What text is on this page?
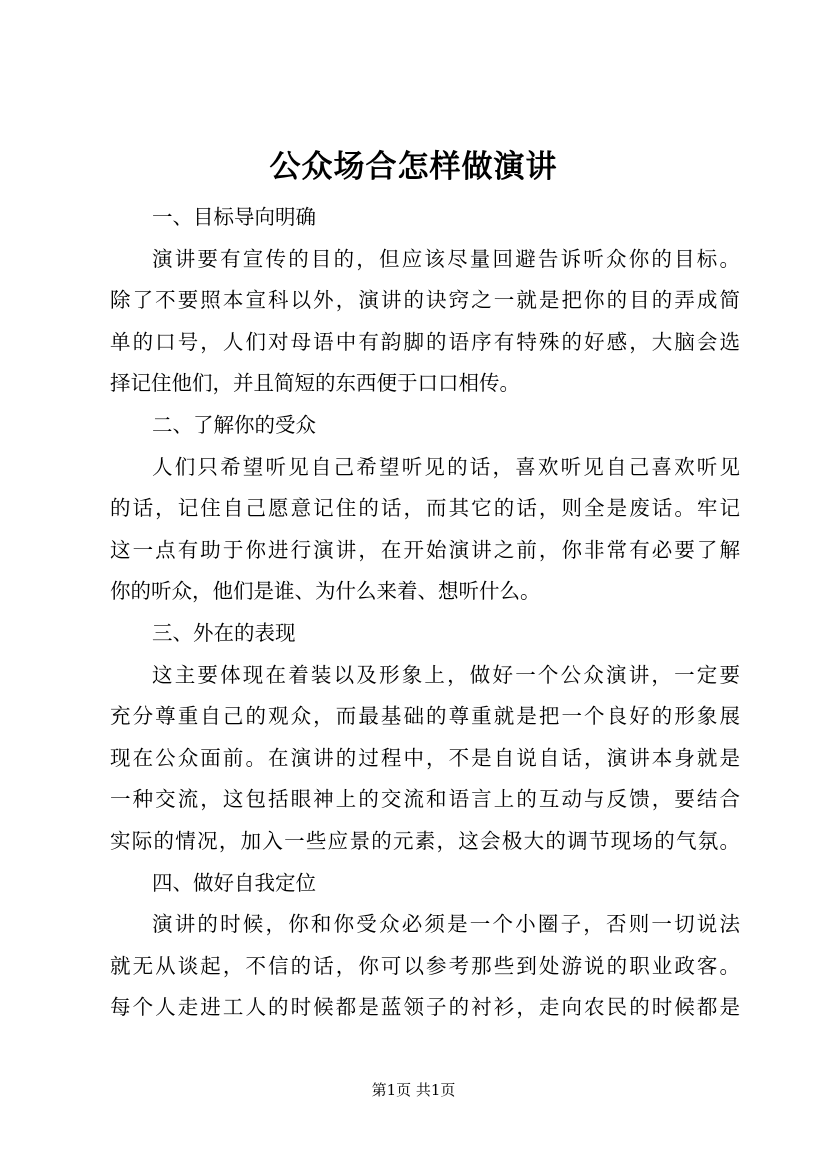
公众场合怎样做演讲
一、目标导向明确
演讲要有宣传的目的，但应该尽量回避告诉听众你的目标。
除了不要照本宣科以外，演讲的诀窍之一就是把你的目的弄成简
单的口号，人们对母语中有韵脚的语序有特殊的好感，大脑会选
择记住他们，并且简短的东西便于口口相传。
二、了解你的受众
人们只希望听见自己希望听见的话，喜欢听见自己喜欢听见
的话，记住自己愿意记住的话，而其它的话，则全是废话。牢记
这一点有助于你进行演讲，在开始演讲之前，你非常有必要了解
你的听众，他们是谁、为什么来着、想听什么。
三、外在的表现
这主要体现在着装以及形象上，做好一个公众演讲，一定要
充分尊重自己的观众，而最基础的尊重就是把一个良好的形象展
现在公众面前。在演讲的过程中，不是自说自话，演讲本身就是
一种交流，这包括眼神上的交流和语言上的互动与反馈，要结合
实际的情况，加入一些应景的元素，这会极大的调节现场的气氛。
四、做好自我定位
演讲的时候，你和你受众必须是一个小圈子，否则一切说法
就无从谈起，不信的话，你可以参考那些到处游说的职业政客。
每个人走进工人的时候都是蓝领子的衬衫，走向农民的时候都是
第1页 共1页
